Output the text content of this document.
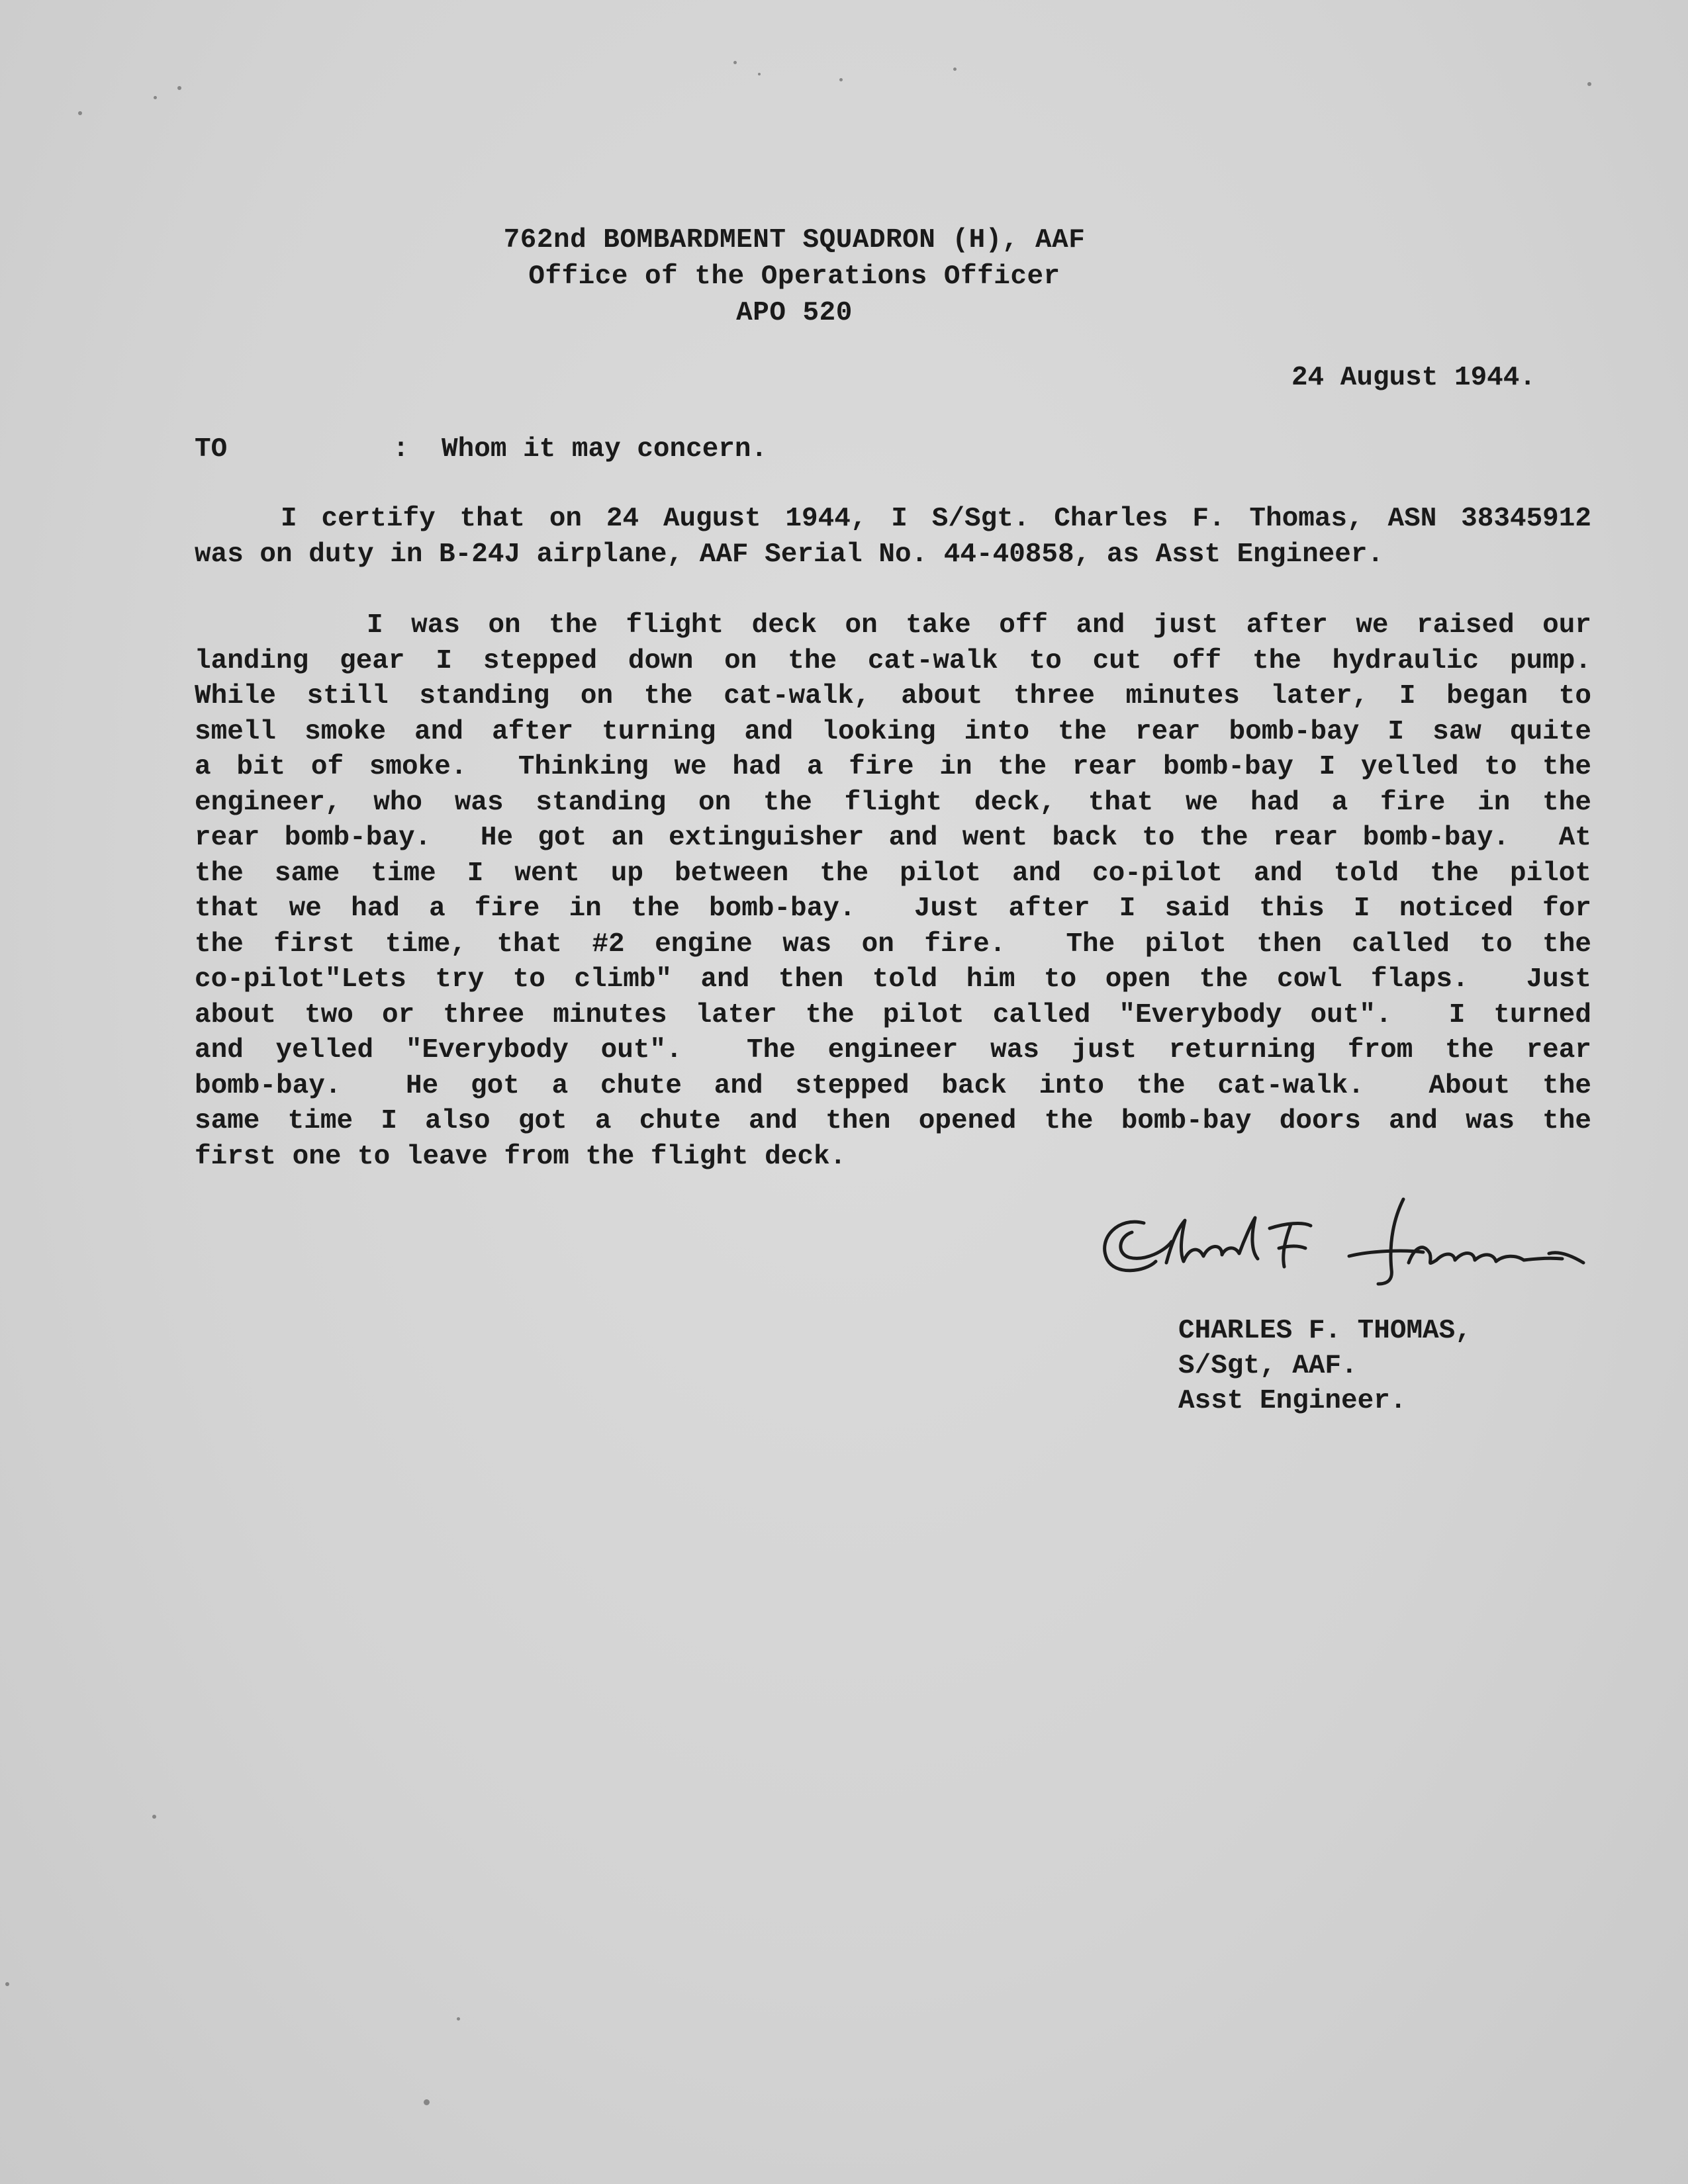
762nd BOMBARDMENT SQUADRON (H), AAF
Office of the Operations Officer
APO 520
24 August 1944.
TO	: Whom it may concern.
I certify that on 24 August 1944, I S/Sgt. Charles F. Thomas, ASN 38345912
was on duty in B-24J airplane, AAF Serial No. 44-40858, as Asst Engineer.
I was on the flight deck on take off and just after we raised our
landing gear I stepped down on the cat-walk to cut off the hydraulic pump.
While still standing on the cat-walk, about three minutes later, I began to
smell smoke and after turning and looking into the rear bomb-bay I saw quite
a bit of smoke.  Thinking we had a fire in the rear bomb-bay I yelled to the
engineer, who was standing on the flight deck, that we had a fire in the
rear bomb-bay.  He got an extinguisher and went back to the rear bomb-bay.  At
the same time I went up between the pilot and co-pilot and told the pilot
that we had a fire in the bomb-bay.  Just after I said this I noticed for
the first time, that #2 engine was on fire.  The pilot then called to the
co-pilot"Lets try to climb" and then told him to open the cowl flaps.  Just
about two or three minutes later the pilot called "Everybody out".  I turned
and yelled "Everybody out".  The engineer was just returning from the rear
bomb-bay.  He got a chute and stepped back into the cat-walk.  About the
same time I also got a chute and then opened the bomb-bay doors and was the
first one to leave from the flight deck.
CHARLES F. THOMAS,
S/Sgt, AAF.
Asst Engineer.
